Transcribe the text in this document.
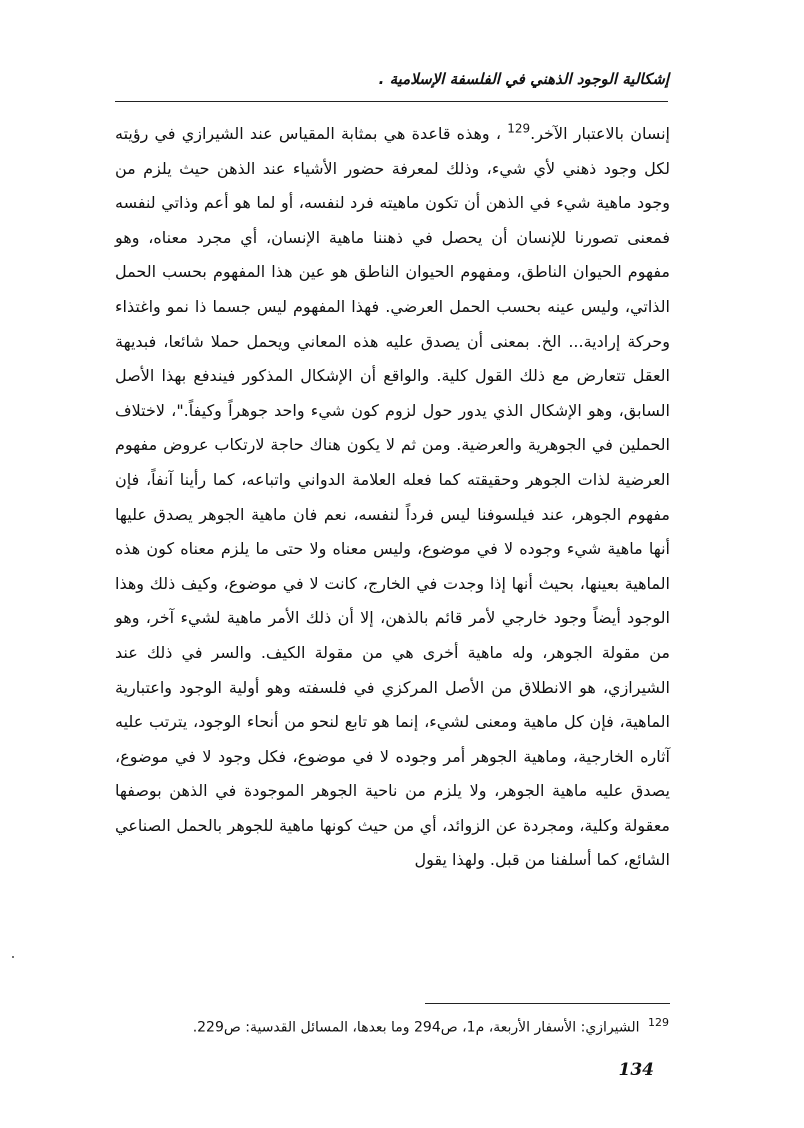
إشكالية الوجود الذهني في الفلسفة الإسلامية .

إنسان بالاعتبار الآخر.$^{129}$ ، وهذه قاعدة هي بمثابة المقياس عند الشيرازي في رؤيته لكل وجود ذهني لأي شيء، وذلك لمعرفة حضور الأشياء عند الذهن حيث يلزم من وجود ماهية شيء في الذهن أن تكون ماهيته فرد لنفسه، أو لما هو أعم وذاتي لنفسه فمعنى تصورنا للإنسان أن يحصل في ذهننا ماهية الإنسان، أي مجرد معناه، وهو مفهوم الحيوان الناطق، ومفهوم الحيوان الناطق هو عين هذا المفهوم بحسب الحمل الذاتي، وليس عينه بحسب الحمل العرضي. فهذا المفهوم ليس جسما ذا نمو واغتذاء وحركة إرادية... الخ. بمعنى أن يصدق عليه هذه المعاني ويحمل حملا شائعا، فبديهة العقل تتعارض مع ذلك القول كلية. والواقع أن الإشكال المذكور فيندفع بهذا الأصل السابق، وهو الإشكال الذي يدور حول لزوم كون شيء واحد جوهراً وكيفاً."، لاختلاف الحملين في الجوهرية والعرضية. ومن ثم لا يكون هناك حاجة لارتكاب عروض مفهوم العرضية لذات الجوهر وحقيقته كما فعله العلامة الدواني واتباعه، كما رأينا آنفاً، فإن مفهوم الجوهر، عند فيلسوفنا ليس فرداً لنفسه، نعم فان ماهية الجوهر يصدق عليها أنها ماهية شيء وجوده لا في موضوع، وليس معناه ولا حتى ما يلزم معناه كون هذه الماهية بعينها، بحيث أنها إذا وجدت في الخارج، كانت لا في موضوع، وكيف ذلك وهذا الوجود أيضاً وجود خارجي لأمر قائم بالذهن، إلا أن ذلك الأمر ماهية لشيء آخر، وهو من مقولة الجوهر، وله ماهية أخرى هي من مقولة الكيف. والسر في ذلك عند الشيرازي، هو الانطلاق من الأصل المركزي في فلسفته وهو أولية الوجود واعتبارية الماهية، فإن كل ماهية ومعنى لشيء، إنما هو تابع لنحو من أنحاء الوجود، يترتب عليه آثاره الخارجية، وماهية الجوهر أمر وجوده لا في موضوع، فكل وجود لا في موضوع، يصدق عليه ماهية الجوهر، ولا يلزم من ناحية الجوهر الموجودة في الذهن بوصفها معقولة وكلية، ومجردة عن الزوائد، أي من حيث كونها ماهية للجوهر بالحمل الصناعي الشائع، كما أسلفنا من قبل. ولهذا يقول

$^{129}$ الشيرازي: الأسفار الأربعة، م1، ص294 وما بعدها، المسائل القدسية: ص229.
134
